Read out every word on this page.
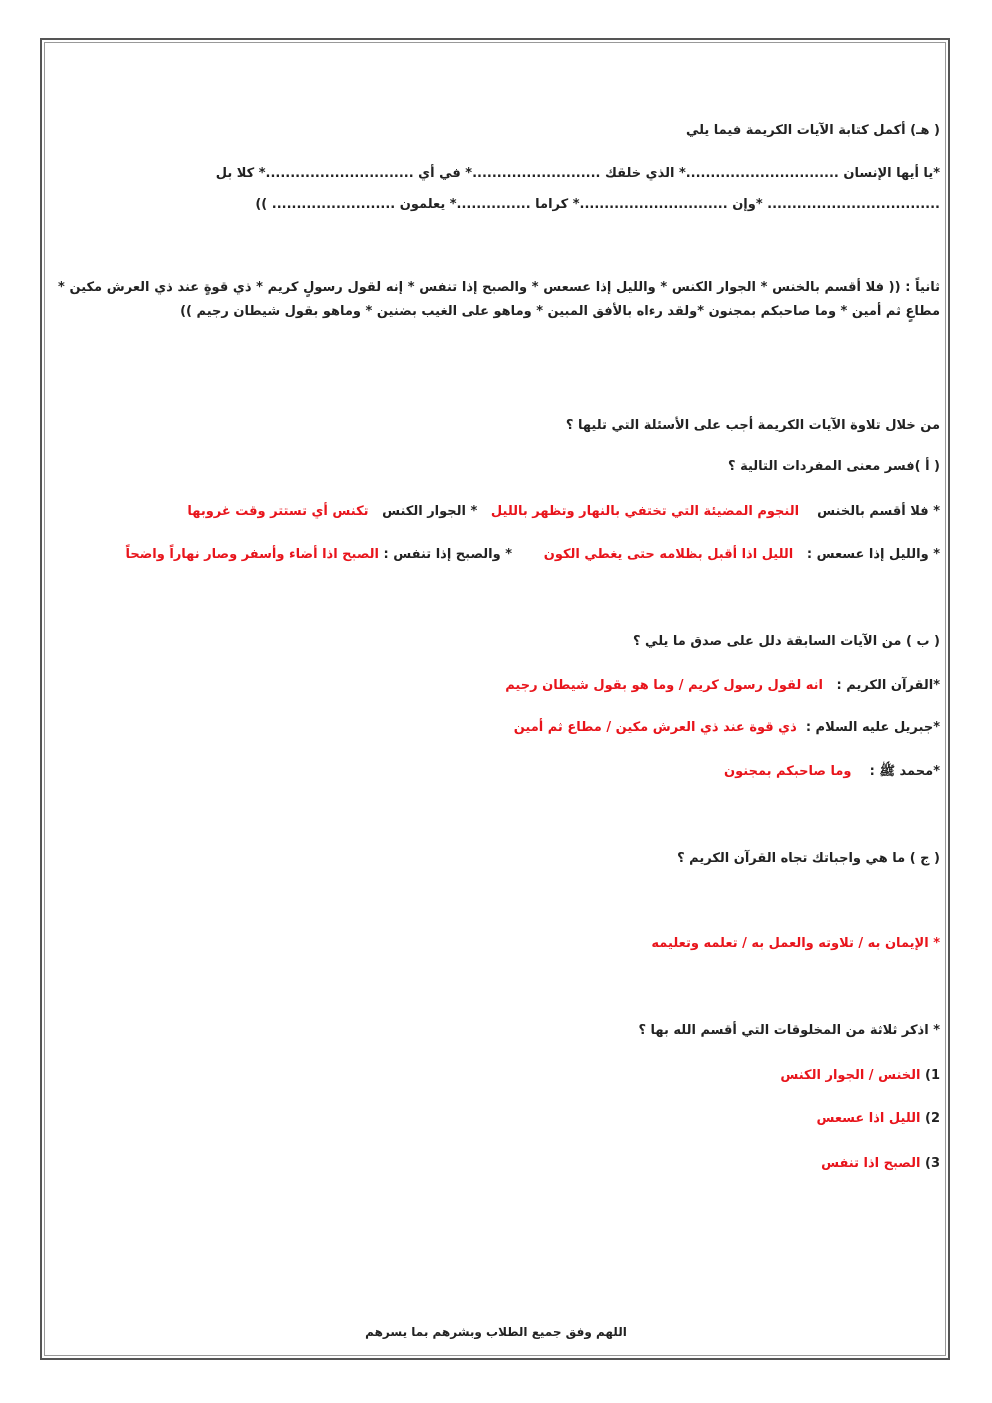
( هـ) أكمل كتابة الآيات الكريمة فيما يلي
*يا أيها الإنسان ...............................* الذي خلقك ..........................* في أي ..............................* كلا بل
................................... *وإن ..............................* كراما ...............* يعلمون ......................... ))
ثانياً : (( فلا أقسم بالخنس * الجوار الكنس * والليل إذا عسعس * والصبح إذا تنفس * إنه لقول رسولٍ كريم * ذي قوةٍ عند ذي العرش مكين * مطاعٍ ثم أمين * وما صاحبكم بمجنون *ولقد رءاه بالأفق المبين * وماهو على الغيب بضنين * وماهو بقول شيطان رجيم ))
من خلال تلاوة الآيات الكريمة أجب على الأسئلة التي تليها ؟
( أ )فسر معنى المفردات التالية ؟
* فلا أقسم بالخنس    النجوم المضيئة التي تختفي بالنهار وتظهر بالليل   * الجوار الكنس   تكنس أي تستتر وقت غروبها
* والليل إذا عسعس :   الليل اذا أقبل بظلامه حتى يغطي الكون       * والصبح إذا تنفس : الصبح اذا أضاء وأسفر وصار نهاراً واضحاً
( ب ) من الآيات السابقة دلل على صدق ما يلي ؟
*القرآن الكريم :   انه لقول رسول كريم / وما هو بقول شيطان رجيم
*جبريل عليه السلام :  ذي قوة عند ذي العرش مكين / مطاع ثم أمين
*محمد ﷺ :    وما صاحبكم بمجنون
( ج ) ما هي واجباتك تجاه القرآن الكريم ؟
* الإيمان به / تلاوته والعمل به / تعلمه وتعليمه
* اذكر ثلاثة من المخلوقات التي أقسم الله بها ؟
1) الخنس / الجوار الكنس
2) الليل اذا عسعس
3) الصبح اذا تنفس
اللهم وفق جميع الطلاب وبشرهم بما يسرهم
